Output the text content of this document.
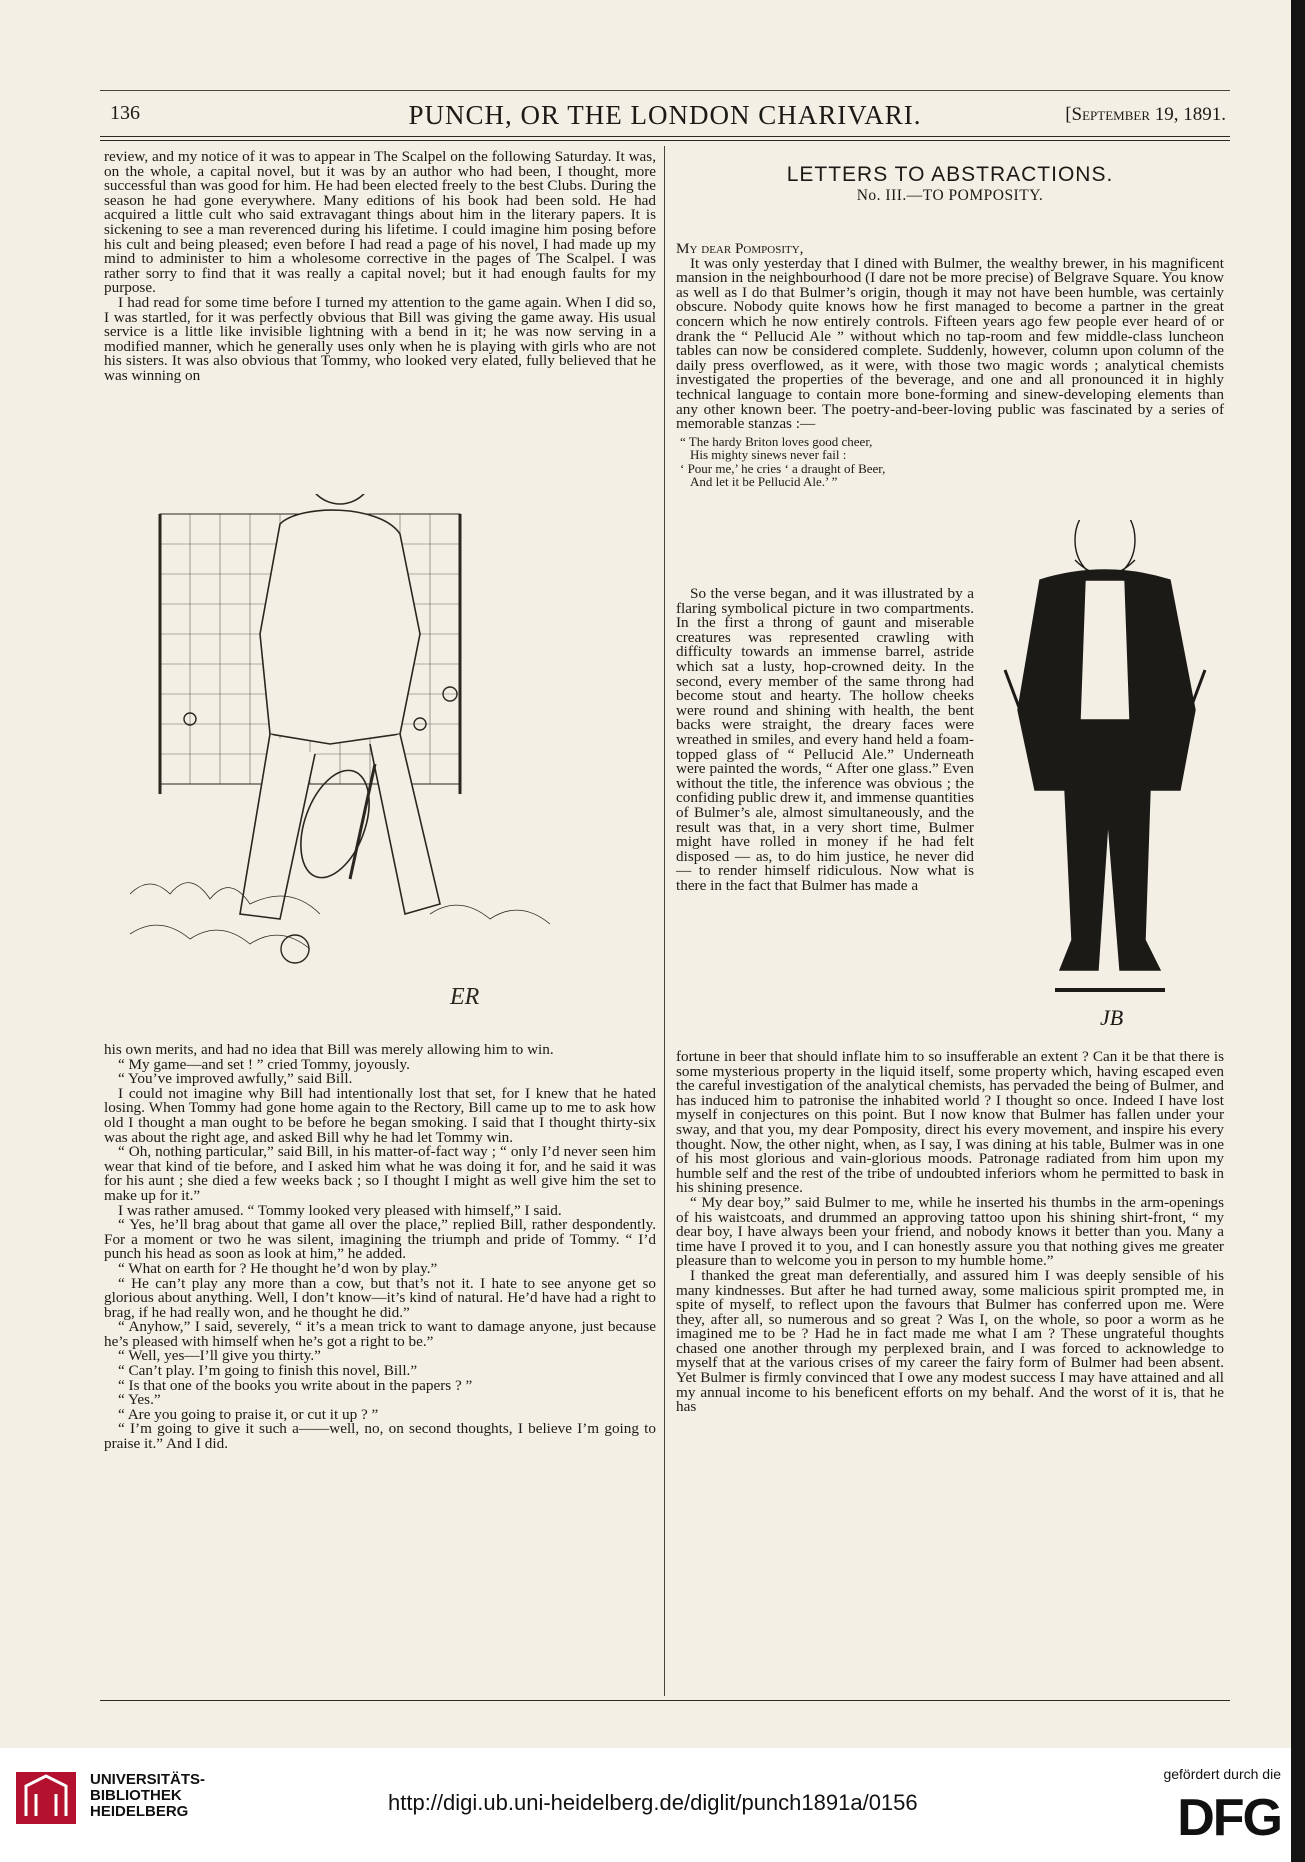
136	PUNCH, OR THE LONDON CHARIVARI.	[September 19, 1891.

review, and my notice of it was to appear in The Scalpel on the following Saturday. It was, on the whole, a capital novel, but it was by an author who had been, I thought, more successful than was good for him. He had been elected freely to the best Clubs. During the season he had gone everywhere. Many editions of his book had been sold. He had acquired a little cult who said extravagant things about him in the literary papers. It is sickening to see a man reverenced during his lifetime. I could imagine him posing before his cult and being pleased; even before I had read a page of his novel, I had made up my mind to administer to him a wholesome corrective in the pages of The Scalpel. I was rather sorry to find that it was really a capital novel; but it had enough faults for my purpose.

I had read for some time before I turned my attention to the game again. When I did so, I was startled, for it was perfectly obvious that Bill was giving the game away. His usual service is a little like invisible lightning with a bend in it; he was now serving in a modified manner, which he generally uses only when he is playing with girls who are not his sisters. It was also obvious that Tommy, who looked very elated, fully believed that he was winning on

ER

his own merits, and had no idea that Bill was merely allowing him to win.

“ My game—and set ! ” cried Tommy, joyously.

“ You’ve improved awfully,” said Bill.

I could not imagine why Bill had intentionally lost that set, for I knew that he hated losing. When Tommy had gone home again to the Rectory, Bill came up to me to ask how old I thought a man ought to be before he began smoking. I said that I thought thirty-six was about the right age, and asked Bill why he had let Tommy win.

“ Oh, nothing particular,” said Bill, in his matter-of-fact way ; “ only I’d never seen him wear that kind of tie before, and I asked him what he was doing it for, and he said it was for his aunt ; she died a few weeks back ; so I thought I might as well give him the set to make up for it.”

I was rather amused. “ Tommy looked very pleased with himself,” I said.

“ Yes, he’ll brag about that game all over the place,” replied Bill, rather despondently. For a moment or two he was silent, imagining the triumph and pride of Tommy. “ I’d punch his head as soon as look at him,” he added.

“ What on earth for ? He thought he’d won by play.”

“ He can’t play any more than a cow, but that’s not it. I hate to see anyone get so glorious about anything. Well, I don’t know—it’s kind of natural. He’d have had a right to brag, if he had really won, and he thought he did.”

“ Anyhow,” I said, severely, “ it’s a mean trick to want to damage anyone, just because he’s pleased with himself when he’s got a right to be.”

“ Well, yes—I’ll give you thirty.”

“ Can’t play. I’m going to finish this novel, Bill.”

“ Is that one of the books you write about in the papers ? ”

“ Yes.”

“ Are you going to praise it, or cut it up ? ”

“ I’m going to give it such a——well, no, on second thoughts, I believe I’m going to praise it.” And I did.

LETTERS TO ABSTRACTIONS.
No. III.—TO POMPOSITY.

My dear Pomposity,

It was only yesterday that I dined with Bulmer, the wealthy brewer, in his magnificent mansion in the neighbourhood (I dare not be more precise) of Belgrave Square. You know as well as I do that Bulmer’s origin, though it may not have been humble, was certainly obscure. Nobody quite knows how he first managed to become a partner in the great concern which he now entirely controls. Fifteen years ago few people ever heard of or drank the “ Pellucid Ale ” without which no tap-room and few middle-class luncheon tables can now be considered complete. Suddenly, however, column upon column of the daily press overflowed, as it were, with those two magic words ; analytical chemists investigated the properties of the beverage, and one and all pronounced it in highly technical language to contain more bone-forming and sinew-developing elements than any other known beer. The poetry-and-beer-loving public was fascinated by a series of memorable stanzas :—

“ The hardy Briton loves good cheer,
His mighty sinews never fail :
‘ Pour me,’ he cries ‘ a draught of Beer,
And let it be Pellucid Ale.’ ”

So the verse began, and it was illustrated by a flaring symbolical picture in two compartments. In the first a throng of gaunt and miserable creatures was represented crawling with difficulty towards an immense barrel, astride which sat a lusty, hop-crowned deity. In the second, every member of the same throng had become stout and hearty. The hollow cheeks were round and shining with health, the bent backs were straight, the dreary faces were wreathed in smiles, and every hand held a foam-topped glass of “ Pellucid Ale.” Underneath were painted the words, “ After one glass.” Even without the title, the inference was obvious ; the confiding public drew it, and immense quantities of Bulmer’s ale, almost simultaneously, and the result was that, in a very short time, Bulmer might have rolled in money if he had felt disposed — as, to do him justice, he never did — to render himself ridiculous. Now what is there in the fact that Bulmer has made a

JB

fortune in beer that should inflate him to so insufferable an extent ? Can it be that there is some mysterious property in the liquid itself, some property which, having escaped even the careful investigation of the analytical chemists, has pervaded the being of Bulmer, and has induced him to patronise the inhabited world ? I thought so once. Indeed I have lost myself in conjectures on this point. But I now know that Bulmer has fallen under your sway, and that you, my dear Pomposity, direct his every movement, and inspire his every thought. Now, the other night, when, as I say, I was dining at his table, Bulmer was in one of his most glorious and vain-glorious moods. Patronage radiated from him upon my humble self and the rest of the tribe of undoubted inferiors whom he permitted to bask in his shining presence.

“ My dear boy,” said Bulmer to me, while he inserted his thumbs in the arm-openings of his waistcoats, and drummed an approving tattoo upon his shining shirt-front, “ my dear boy, I have always been your friend, and nobody knows it better than you. Many a time have I proved it to you, and I can honestly assure you that nothing gives me greater pleasure than to welcome you in person to my humble home.”

I thanked the great man deferentially, and assured him I was deeply sensible of his many kindnesses. But after he had turned away, some malicious spirit prompted me, in spite of myself, to reflect upon the favours that Bulmer has conferred upon me. Were they, after all, so numerous and so great ? Was I, on the whole, so poor a worm as he imagined me to be ? Had he in fact made me what I am ? These ungrateful thoughts chased one another through my perplexed brain, and I was forced to acknowledge to myself that at the various crises of my career the fairy form of Bulmer had been absent. Yet Bulmer is firmly convinced that I owe any modest success I may have attained and all my annual income to his beneficent efforts on my behalf. And the worst of it is, that he has

UNIVERSITÄTS-
BIBLIOTHEK
HEIDELBERG	http://digi.ub.uni-heidelberg.de/diglit/punch1891a/0156
gefördert durch die
DFG
